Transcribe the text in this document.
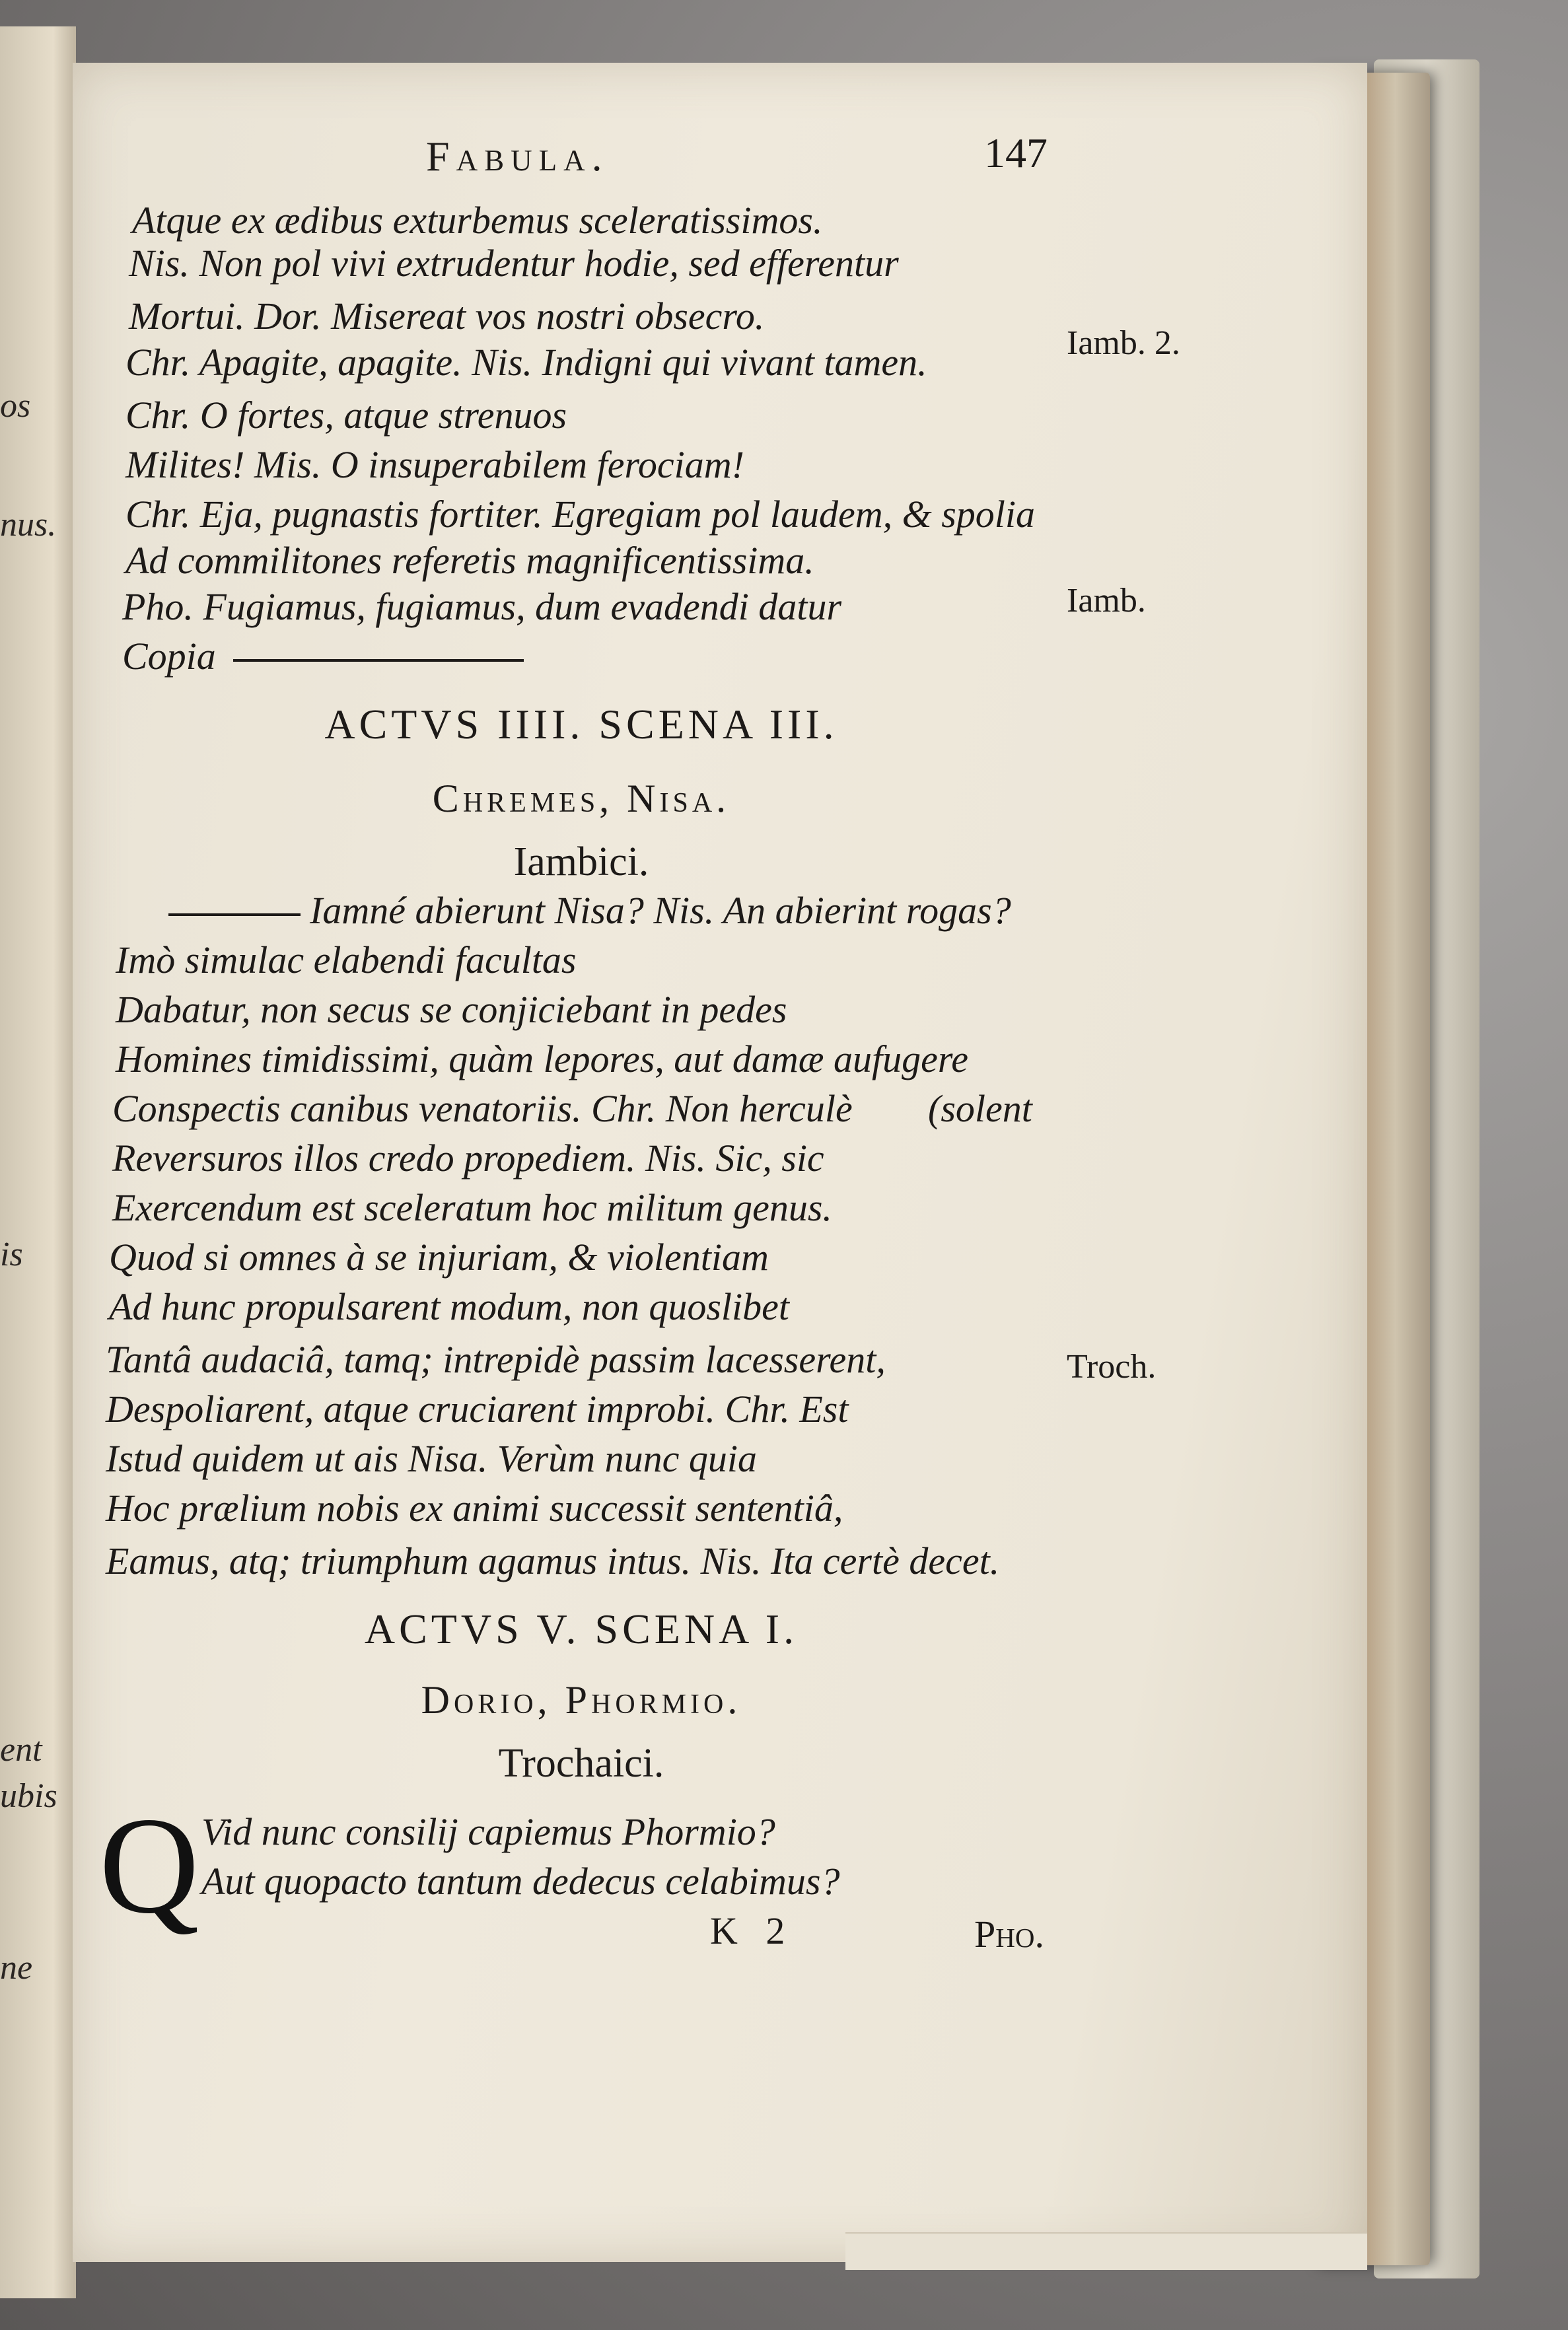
os
nus.
is
ent
ubis
ne
Fabula.	147
Atque ex ædibus exturbemus sceleratissimos.
Nis. Non pol vivi extrudentur hodie, sed efferentur
Mortui. Dor. Misereat vos nostri obsecro.
Chr. Apagite, apagite. Nis. Indigni qui vivant tamen.
Chr. O fortes, atque strenuos
Milites! Mis. O insuperabilem ferociam!
Chr. Eja, pugnastis fortiter. Egregiam pol laudem, & spolia
Ad commilitones referetis magnificentissima.
Pho. Fugiamus, fugiamus, dum evadendi datur
Copia
Iamb. 2.
Iamb.
Troch.
ACTVS IIII. SCENA III.
Chremes, Nisa.
Iambici.
Iamné abierunt Nisa? Nis. An abierint rogas?
Imò simulac elabendi facultas
Dabatur, non secus se conjiciebant in pedes
Homines timidissimi, quàm lepores, aut damæ aufugere
Conspectis canibus venatoriis. Chr. Non herculè (solent
Reversuros illos credo propediem. Nis. Sic, sic
Exercendum est sceleratum hoc militum genus.
Quod si omnes à se injuriam, & violentiam
Ad hunc propulsarent modum, non quoslibet
Tantâ audaciâ, tamq; intrepidè passim lacesserent,
Despoliarent, atque cruciarent improbi. Chr. Est
Istud quidem ut ais Nisa. Verùm nunc quia
Hoc prælium nobis ex animi successit sententiâ,
Eamus, atq; triumphum agamus intus. Nis. Ita certè decet.
ACTVS V. SCENA I.
Dorio, Phormio.
Trochaici.
Q Vid nunc consilij capiemus Phormio?
Aut quopacto tantum dedecus celabimus?
K 2	Pho.
